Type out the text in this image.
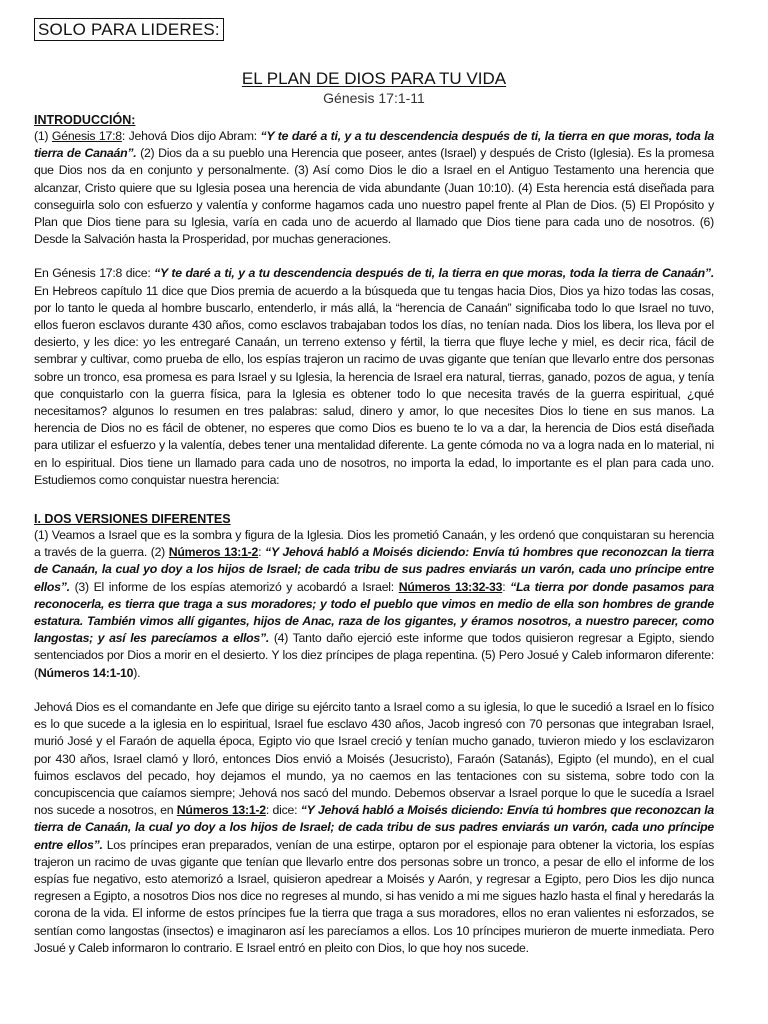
SOLO PARA LIDERES:
EL PLAN DE DIOS PARA TU VIDA
Génesis 17:1-11
INTRODUCCIÓN:

(1) Génesis 17:8: Jehová Dios dijo Abram: “Y te daré a ti, y a tu descendencia después de ti, la tierra en que moras, toda la tierra de Canaán”. (2) Dios da a su pueblo una Herencia que poseer, antes (Israel) y después de Cristo (Iglesia). Es la promesa que Dios nos da en conjunto y personalmente. (3) Así como Dios le dio a Israel en el Antiguo Testamento una herencia que alcanzar, Cristo quiere que su Iglesia posea una herencia de vida abundante (Juan 10:10). (4) Esta herencia está diseñada para conseguirla solo con esfuerzo y valentía y conforme hagamos cada uno nuestro papel frente al Plan de Dios. (5) El Propósito y Plan que Dios tiene para su Iglesia, varía en cada uno de acuerdo al llamado que Dios tiene para cada uno de nosotros. (6) Desde la Salvación hasta la Prosperidad, por muchas generaciones.

En Génesis 17:8 dice: “Y te daré a ti, y a tu descendencia después de ti, la tierra en que moras, toda la tierra de Canaán”. En Hebreos capítulo 11 dice que Dios premia de acuerdo a la búsqueda que tu tengas hacia Dios, Dios ya hizo todas las cosas, por lo tanto le queda al hombre buscarlo, entenderlo, ir más allá, la “herencia de Canaán” significaba todo lo que Israel no tuvo, ellos fueron esclavos durante 430 años, como esclavos trabajaban todos los días, no tenían nada. Dios los libera, los lleva por el desierto, y les dice: yo les entregaré Canaán, un terreno extenso y fértil, la tierra que fluye leche y miel, es decir rica, fácil de sembrar y cultivar, como prueba de ello, los espías trajeron un racimo de uvas gigante que tenían que llevarlo entre dos personas sobre un tronco, esa promesa es para Israel y su Iglesia, la herencia de Israel era natural, tierras, ganado, pozos de agua, y tenía que conquistarlo con la guerra física, para la Iglesia es obtener todo lo que necesita través de la guerra espiritual, ¿qué necesitamos? algunos lo resumen en tres palabras: salud, dinero y amor, lo que necesites Dios lo tiene en sus manos. La herencia de Dios no es fácil de obtener, no esperes que como Dios es bueno te lo va a dar, la herencia de Dios está diseñada para utilizar el esfuerzo y la valentía, debes tener una mentalidad diferente. La gente cómoda no va a logra nada en lo material, ni en lo espiritual. Dios tiene un llamado para cada uno de nosotros, no importa la edad, lo importante es el plan para cada uno. Estudiemos como conquistar nuestra herencia:

I. DOS VERSIONES DIFERENTES

(1) Veamos a Israel que es la sombra y figura de la Iglesia. Dios les prometió Canaán, y les ordenó que conquistaran su herencia a través de la guerra. (2) Números 13:1-2: “Y Jehová habló a Moisés diciendo: Envía tú hombres que reconozcan la tierra de Canaán, la cual yo doy a los hijos de Israel; de cada tribu de sus padres enviarás un varón, cada uno príncipe entre ellos”. (3) El informe de los espías atemorizó y acobardó a Israel: Números 13:32-33: “La tierra por donde pasamos para reconocerla, es tierra que traga a sus moradores; y todo el pueblo que vimos en medio de ella son hombres de grande estatura. También vimos allí gigantes, hijos de Anac, raza de los gigantes, y éramos nosotros, a nuestro parecer, como langostas; y así les parecíamos a ellos”. (4) Tanto daño ejerció este informe que todos quisieron regresar a Egipto, siendo sentenciados por Dios a morir en el desierto. Y los diez príncipes de plaga repentina. (5) Pero Josué y Caleb informaron diferente: (Números 14:1-10).

Jehová Dios es el comandante en Jefe que dirige su ejército tanto a Israel como a su iglesia, lo que le sucedió a Israel en lo físico es lo que sucede a la iglesia en lo espiritual, Israel fue esclavo 430 años, Jacob ingresó con 70 personas que integraban Israel, murió José y el Faraón de aquella época, Egipto vio que Israel creció y tenían mucho ganado, tuvieron miedo y los esclavizaron por 430 años, Israel clamó y lloró, entonces Dios envió a Moisés (Jesucristo), Faraón (Satanás), Egipto (el mundo), en el cual fuimos esclavos del pecado, hoy dejamos el mundo, ya no caemos en las tentaciones con su sistema, sobre todo con la concupiscencia que caíamos siempre; Jehová nos sacó del mundo. Debemos observar a Israel porque lo que le sucedía a Israel nos sucede a nosotros, en Números 13:1-2: dice: “Y Jehová habló a Moisés diciendo: Envía tú hombres que reconozcan la tierra de Canaán, la cual yo doy a los hijos de Israel; de cada tribu de sus padres enviarás un varón, cada uno príncipe entre ellos”. Los príncipes eran preparados, venían de una estirpe, optaron por el espionaje para obtener la victoria, los espías trajeron un racimo de uvas gigante que tenían que llevarlo entre dos personas sobre un tronco, a pesar de ello el informe de los espías fue negativo, esto atemorizó a Israel, quisieron apedrear a Moisés y Aarón, y regresar a Egipto, pero Dios les dijo nunca regresen a Egipto, a nosotros Dios nos dice no regreses al mundo, si has venido a mi me sigues hazlo hasta el final y heredarás la corona de la vida. El informe de estos príncipes fue la tierra que traga a sus moradores, ellos no eran valientes ni esforzados, se sentían como langostas (insectos) e imaginaron así les parecíamos a ellos. Los 10 príncipes murieron de muerte inmediata. Pero Josué y Caleb informaron lo contrario. E Israel entró en pleito con Dios, lo que hoy nos sucede.
